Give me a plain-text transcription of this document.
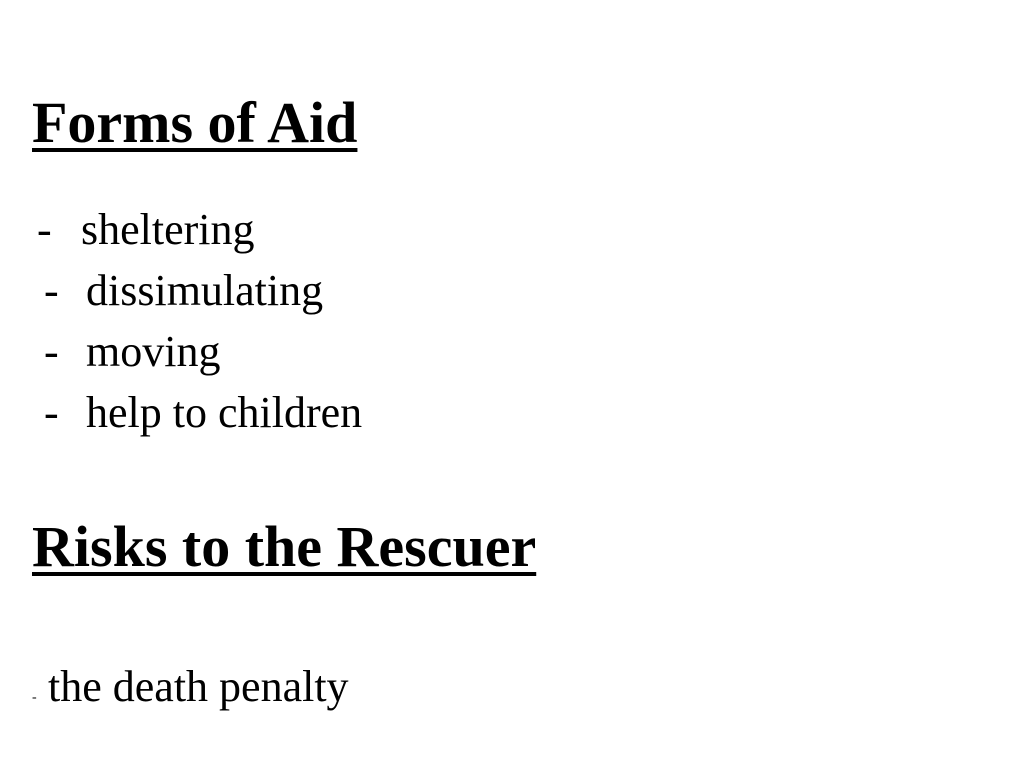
Forms of Aid
- sheltering
- dissimulating
- moving
- help to children
Risks to the Rescuer
- the death penalty
